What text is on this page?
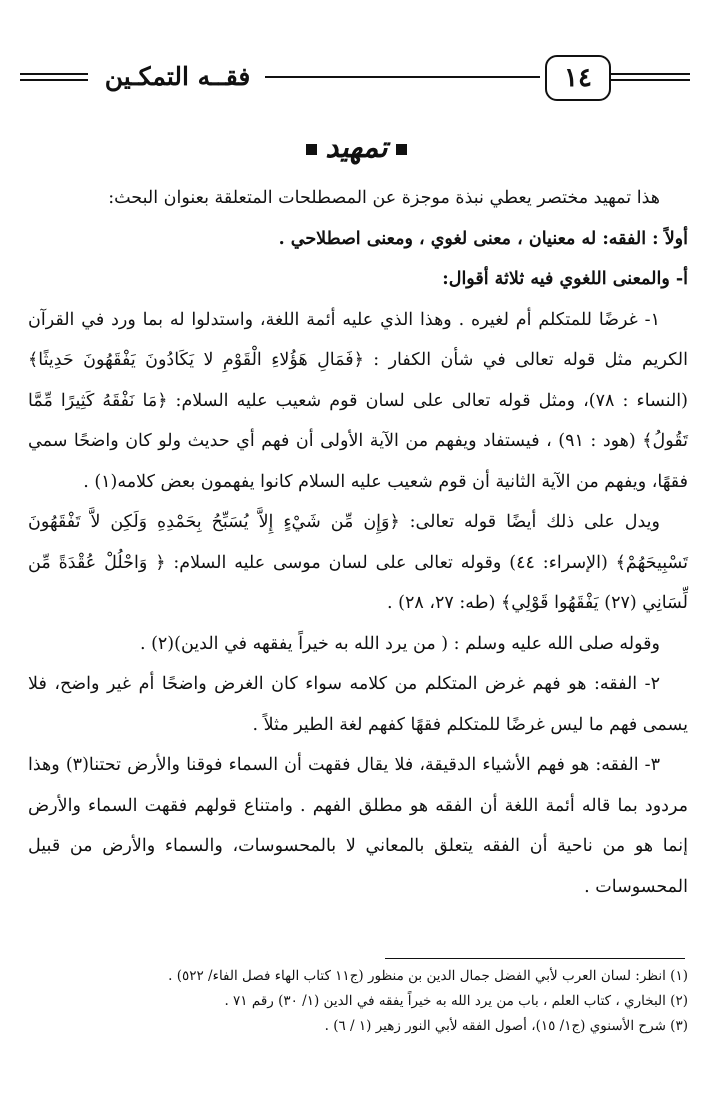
١٤
فقــه التمكـين
تمهيد

هذا تمهيد مختصر يعطي نبذة موجزة عن المصطلحات المتعلقة بعنوان البحث:

أولاً : الفقه: له معنيان ، معنى لغوي ، ومعنى اصطلاحي .

أ- والمعنى اللغوي فيه ثلاثة أقوال:

١- غرضًا للمتكلم أم لغيره . وهذا الذي عليه أئمة اللغة، واستدلوا له بما ورد في القرآن الكريم مثل قوله تعالى في شأن الكفار : ﴿فَمَالِ هَؤُلاءِ الْقَوْمِ لا يَكَادُونَ يَفْقَهُونَ حَدِيثًا﴾ (النساء : ٧٨)، ومثل قوله تعالى على لسان قوم شعيب عليه السلام: ﴿مَا نَفْقَهُ كَثِيرًا مِّمَّا تَقُولُ﴾ (هود : ٩١) ، فيستفاد ويفهم من الآية الأولى أن فهم أي حديث ولو كان واضحًا سمي فقهًا، ويفهم من الآية الثانية أن قوم شعيب عليه السلام كانوا يفهمون بعض كلامه(١) .

ويدل على ذلك أيضًا قوله تعالى: ﴿وَإِن مِّن شَيْءٍ إِلاَّ يُسَبِّحُ بِحَمْدِهِ وَلَكِن لاَّ تَفْقَهُونَ تَسْبِيحَهُمْ﴾ (الإسراء: ٤٤) وقوله تعالى على لسان موسى عليه السلام: ﴿ وَاحْلُلْ عُقْدَةً مِّن لِّسَانِي (٢٧) يَفْقَهُوا قَوْلِي﴾ (طه: ٢٧، ٢٨) .

وقوله صلى الله عليه وسلم : ( من يرد الله به خيراً يفقهه في الدين)(٢) .

٢- الفقه: هو فهم غرض المتكلم من كلامه سواء كان الغرض واضحًا أم غير واضح، فلا يسمى فهم ما ليس غرضًا للمتكلم فقهًا كفهم لغة الطير مثلاً .

٣- الفقه: هو فهم الأشياء الدقيقة، فلا يقال فقهت أن السماء فوقنا والأرض تحتنا(٣) وهذا مردود بما قاله أئمة اللغة أن الفقه هو مطلق الفهم . وامتناع قولهم فقهت السماء والأرض إنما هو من ناحية أن الفقه يتعلق بالمعاني لا بالمحسوسات، والسماء والأرض من قبيل المحسوسات .

(١) انظر: لسان العرب لأبي الفضل جمال الدين بن منظور (ج١١ كتاب الهاء فصل الفاء/ ٥٢٢) .
(٢) البخاري ، كتاب العلم ، باب من يرد الله به خيراً يفقه في الدين (١/ ٣٠) رقم ٧١ .
(٣) شرح الأسنوي (ج١/ ١٥)، أصول الفقه لأبي النور زهير (١ / ٦) .
